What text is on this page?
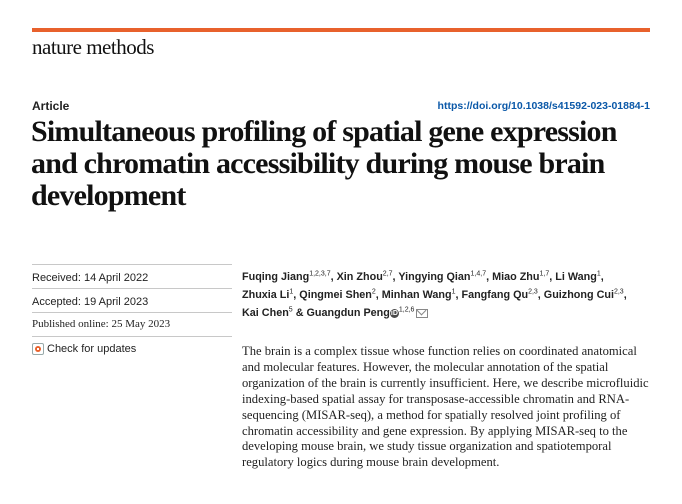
nature methods
Article	https://doi.org/10.1038/s41592-023-01884-1
Simultaneous profiling of spatial gene expression and chromatin accessibility during mouse brain development
Received: 14 April 2022
Accepted: 19 April 2023
Published online: 25 May 2023
Check for updates
Fuqing Jiang$^{1,2,3,7}$, Xin Zhou$^{2,7}$, Yingying Qian$^{1,4,7}$, Miao Zhu$^{1,7}$, Li Wang$^1$, Zhuxia Li$^1$, Qingmei Shen$^2$, Minhan Wang$^1$, Fangfang Qu$^{2,3}$, Guizhong Cui$^{2,3}$, Kai Chen$^5$ & Guangdun PengiD$^{1,2,6}$

The brain is a complex tissue whose function relies on coordinated anatomical and molecular features. However, the molecular annotation of the spatial organization of the brain is currently insufficient. Here, we describe microfluidic indexing-based spatial assay for transposase-accessible chromatin and RNA-sequencing (MISAR-seq), a method for spatially resolved joint profiling of chromatin accessibility and gene expression. By applying MISAR-seq to the developing mouse brain, we study tissue organization and spatiotemporal regulatory logics during mouse brain development.
